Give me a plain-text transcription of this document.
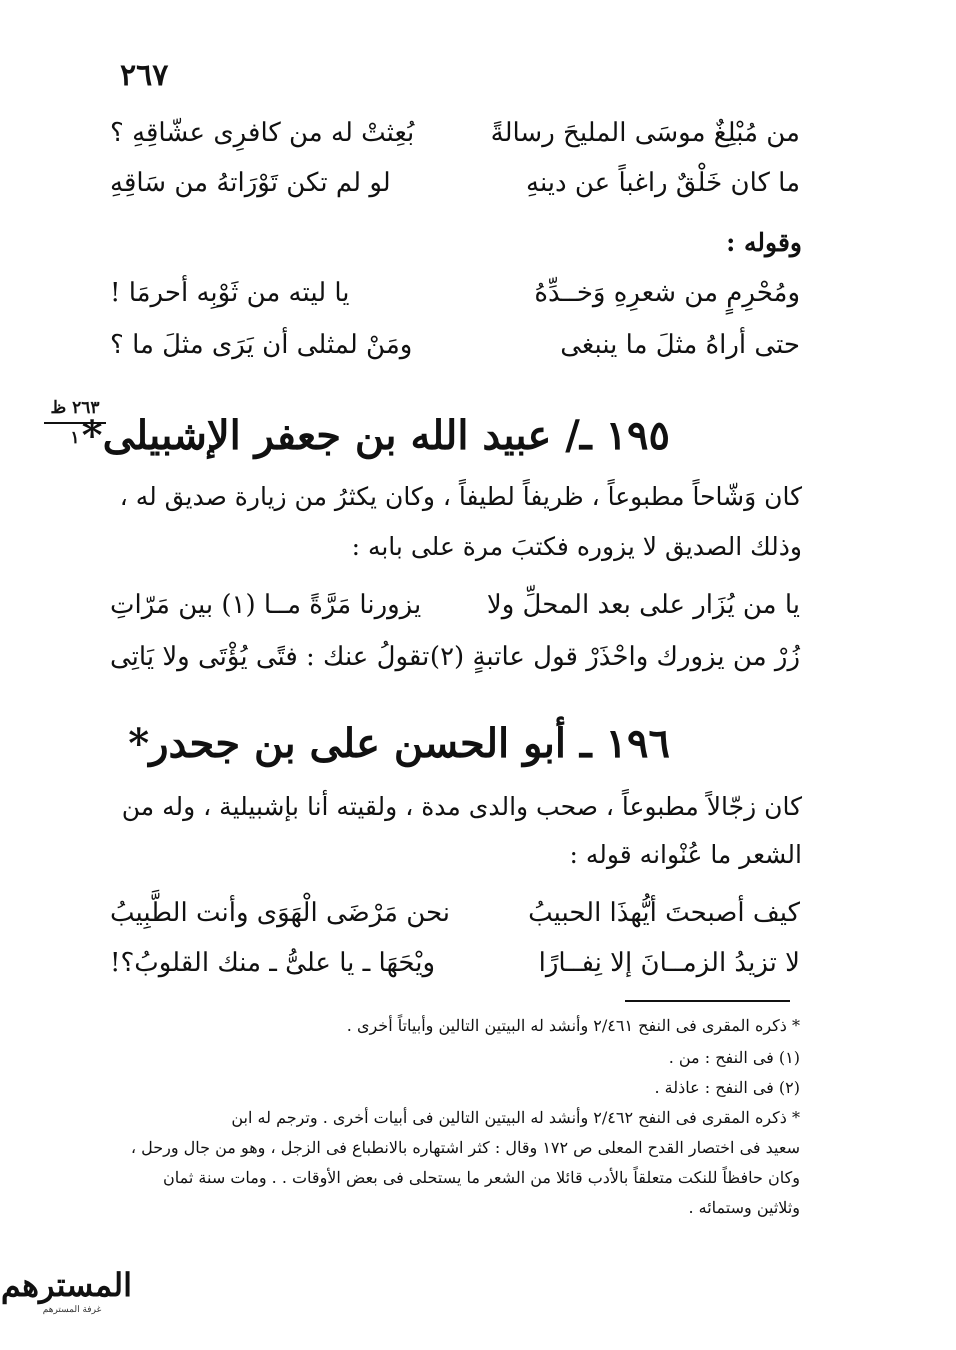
٢٦٧
من مُبْلِغٌ موسَى المليحَ رسالةً
بُعِثتْ له من كافرِى عشّاقِهِ ؟
ما كان خَلْقٌ راغباً عن دينهِ
لو لم تكن تَوْرَاتهُ من سَاقِهِ
وقوله :
ومُحْرِمٍ من شعرِهِ وَخــدِّهُ
يا ليته من ثَوْبِه أحرمَا !
حتى أراهُ مثلَ ما ينبغى
ومَنْ لمثلى أن يَرَى مثلَ ما ؟
٢٦٣ ظ
١ ١٩٥ ـ/ عبيد الله بن جعفر الإشبيلى*
كان وَشّاحاً مطبوعاً ، ظريفاً لطيفاً ، وكان يكثرُ من زيارة صديق له ،
وذلك الصديق لا يزوره فكتبَ مرة على بابه :
يا من يُزَار على بعد المحلِّ ولا
يزورنا مَرَّةً مــا (١) بين مَرّاتِ
زُرْ من يزورك واحْذَرْ قول عاتبةٍ (٢)
تقولُ عنك : فتًى يُؤْتَى ولا يَاتِى
١٩٦ ـ أبو الحسن على بن جحدر*
كان زجّالاً مطبوعاً ، صحب والدى مدة ، ولقيته أنا بإشبيلية ، وله من
الشعر ما عُنْوانه قوله :
كيف أصبحتَ أيُّهذَا الحبيبُ
نحن مَرْضَى الْهَوَى وأنت الطَّبِيبُ
لا تزيدُ الزمــانَ إلا نِفــارًا
ويْحَهَا ـ يا علىُّ ـ منك القلوبُ؟!
* ذكره المقرى فى النفح ٢/٤٦١ وأنشد له البيتين التالين وأبياتاً أخرى .
(١) فى النفح : من .
(٢) فى النفح : عاذلة .
* ذكره المقرى فى النفح ٢/٤٦٢ وأنشد له البيتين التالين فى أبيات أخرى . وترجم له ابن
سعيد فى اختصار القدح المعلى ص ١٧٢ وقال : كثر اشتهاره بالانطباع فى الزجل ، وهو من جال ورحل ،
وكان حافظاً للنكت متعلقاً بالأدب قائلا من الشعر ما يستحلى فى بعض الأوقات . . ومات سنة ثمان
وثلاثين وستمائه .
المسترهم
غرفة المسترهم
